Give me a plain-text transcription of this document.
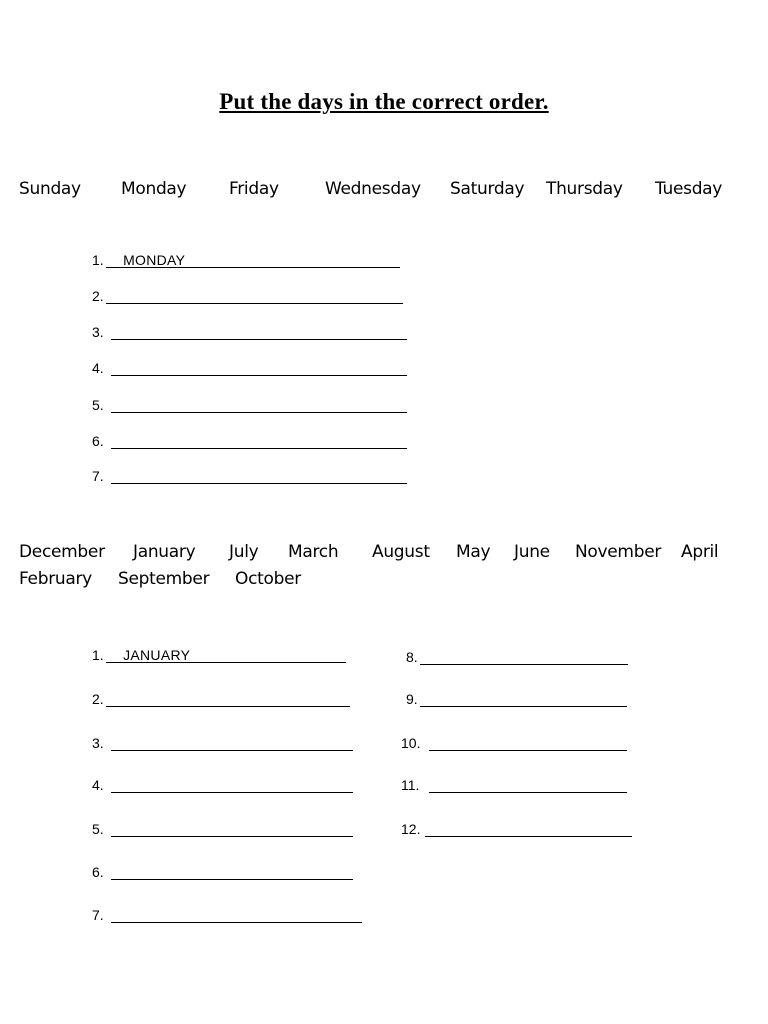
Put the days in the correct order.
Sunday Monday	Friday	Wednesday Saturday Thursday Tuesday
1. _MONDAY
2.
3.
4.
5.
6.
7.
December January July March August May June November April
February September October
1. _JANUARY
2.
3.
4.
5.
6.
7.
8.
9.
10.
11.
12.
